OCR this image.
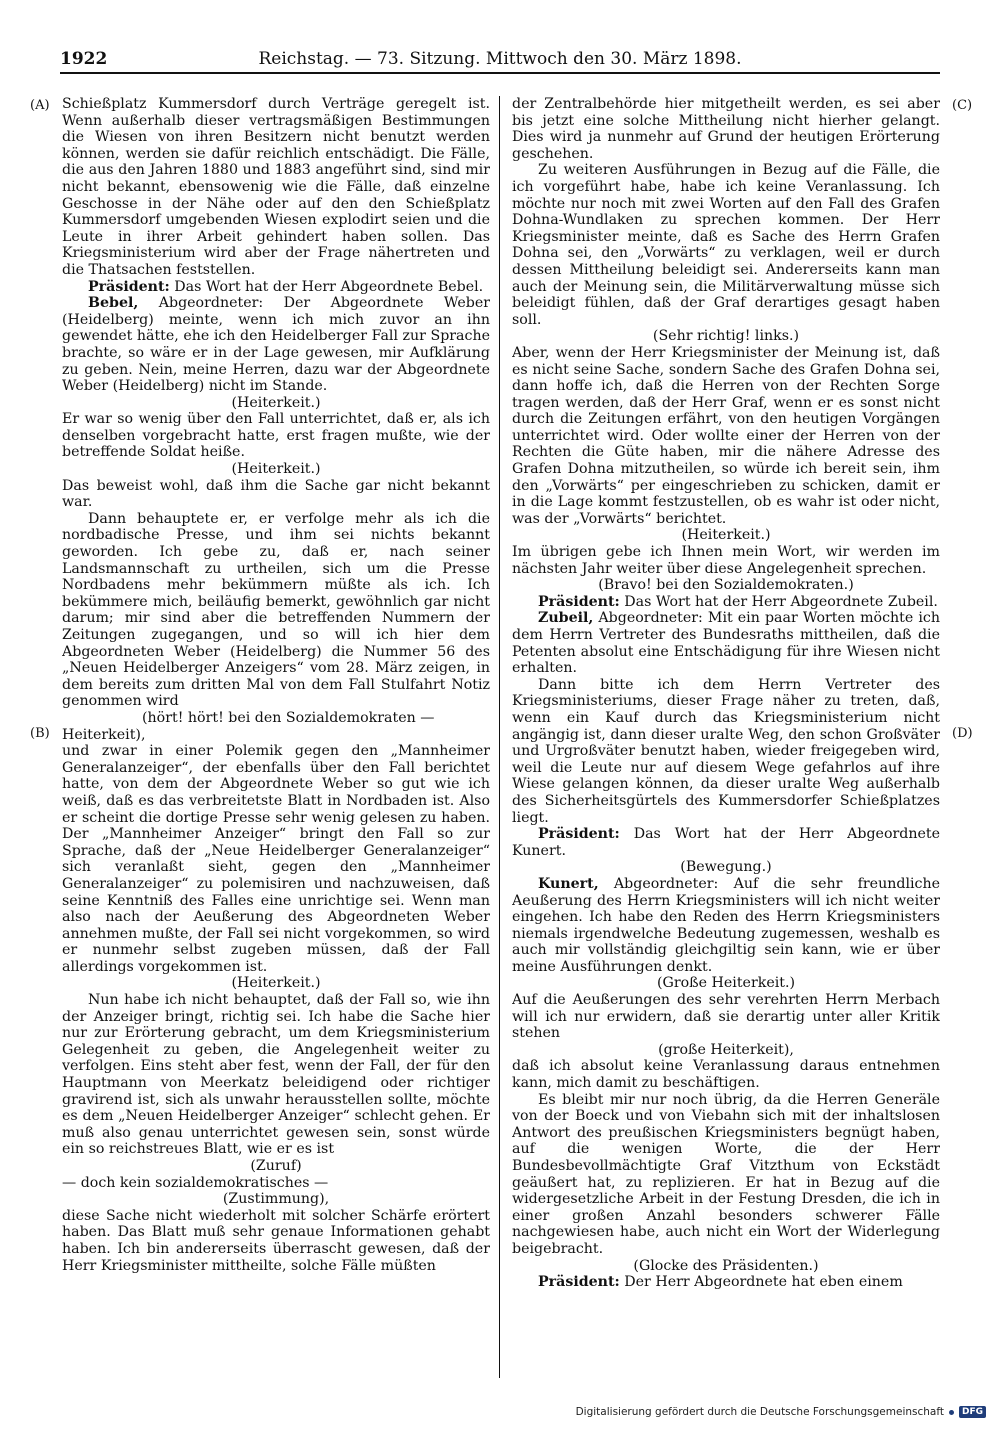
1922	Reichstag. — 73. Sitzung. Mittwoch den 30. März 1898.
(A)
(B)
(C)
(D)

Schießplatz Kummersdorf durch Verträge geregelt ist. Wenn außerhalb dieser vertragsmäßigen Bestimmungen die Wiesen von ihren Besitzern nicht benutzt werden können, werden sie dafür reichlich entschädigt. Die Fälle, die aus den Jahren 1880 und 1883 angeführt sind, sind mir nicht bekannt, ebensowenig wie die Fälle, daß einzelne Geschosse in der Nähe oder auf den den Schießplatz Kummersdorf umgebenden Wiesen explodirt seien und die Leute in ihrer Arbeit gehindert haben sollen. Das Kriegsministerium wird aber der Frage nähertreten und die Thatsachen feststellen.

Präsident: Das Wort hat der Herr Abgeordnete Bebel.

Bebel, Abgeordneter: Der Abgeordnete Weber (Heidelberg) meinte, wenn ich mich zuvor an ihn gewendet hätte, ehe ich den Heidelberger Fall zur Sprache brachte, so wäre er in der Lage gewesen, mir Aufklärung zu geben. Nein, meine Herren, dazu war der Abgeordnete Weber (Heidelberg) nicht im Stande.

(Heiterkeit.)

Er war so wenig über den Fall unterrichtet, daß er, als ich denselben vorgebracht hatte, erst fragen mußte, wie der betreffende Soldat heiße.

(Heiterkeit.)

Das beweist wohl, daß ihm die Sache gar nicht bekannt war.

Dann behauptete er, er verfolge mehr als ich die nordbadische Presse, und ihm sei nichts bekannt geworden. Ich gebe zu, daß er, nach seiner Landsmannschaft zu urtheilen, sich um die Presse Nordbadens mehr bekümmern müßte als ich. Ich bekümmere mich, beiläufig bemerkt, gewöhnlich gar nicht darum; mir sind aber die betreffenden Nummern der Zeitungen zugegangen, und so will ich hier dem Abgeordneten Weber (Heidelberg) die Nummer 56 des „Neuen Heidelberger Anzeigers“ vom 28. März zeigen, in dem bereits zum dritten Mal von dem Fall Stulfahrt Notiz genommen wird

(hört! hört! bei den Sozialdemokraten — Heiterkeit),

und zwar in einer Polemik gegen den „Mannheimer Generalanzeiger“, der ebenfalls über den Fall berichtet hatte, von dem der Abgeordnete Weber so gut wie ich weiß, daß es das verbreitetste Blatt in Nordbaden ist. Also er scheint die dortige Presse sehr wenig gelesen zu haben. Der „Mannheimer Anzeiger“ bringt den Fall so zur Sprache, daß der „Neue Heidelberger Generalanzeiger“ sich veranlaßt sieht, gegen den „Mannheimer Generalanzeiger“ zu polemisiren und nachzuweisen, daß seine Kenntniß des Falles eine unrichtige sei. Wenn man also nach der Aeußerung des Abgeordneten Weber annehmen mußte, der Fall sei nicht vorgekommen, so wird er nunmehr selbst zugeben müssen, daß der Fall allerdings vorgekommen ist.

(Heiterkeit.)

Nun habe ich nicht behauptet, daß der Fall so, wie ihn der Anzeiger bringt, richtig sei. Ich habe die Sache hier nur zur Erörterung gebracht, um dem Kriegsministerium Gelegenheit zu geben, die Angelegenheit weiter zu verfolgen. Eins steht aber fest, wenn der Fall, der für den Hauptmann von Meerkatz beleidigend oder richtiger gravirend ist, sich als unwahr herausstellen sollte, möchte es dem „Neuen Heidelberger Anzeiger“ schlecht gehen. Er muß also genau unterrichtet gewesen sein, sonst würde ein so reichstreues Blatt, wie er es ist

(Zuruf)

— doch kein sozialdemokratisches —

(Zustimmung),

diese Sache nicht wiederholt mit solcher Schärfe erörtert haben. Das Blatt muß sehr genaue Informationen gehabt haben. Ich bin andererseits überrascht gewesen, daß der Herr Kriegsminister mittheilte, solche Fälle müßten

der Zentralbehörde hier mitgetheilt werden, es sei aber bis jetzt eine solche Mittheilung nicht hierher gelangt. Dies wird ja nunmehr auf Grund der heutigen Erörterung geschehen.

Zu weiteren Ausführungen in Bezug auf die Fälle, die ich vorgeführt habe, habe ich keine Veranlassung. Ich möchte nur noch mit zwei Worten auf den Fall des Grafen Dohna-Wundlaken zu sprechen kommen. Der Herr Kriegsminister meinte, daß es Sache des Herrn Grafen Dohna sei, den „Vorwärts“ zu verklagen, weil er durch dessen Mittheilung beleidigt sei. Andererseits kann man auch der Meinung sein, die Militärverwaltung müsse sich beleidigt fühlen, daß der Graf derartiges gesagt haben soll.

(Sehr richtig! links.)

Aber, wenn der Herr Kriegsminister der Meinung ist, daß es nicht seine Sache, sondern Sache des Grafen Dohna sei, dann hoffe ich, daß die Herren von der Rechten Sorge tragen werden, daß der Herr Graf, wenn er es sonst nicht durch die Zeitungen erfährt, von den heutigen Vorgängen unterrichtet wird. Oder wollte einer der Herren von der Rechten die Güte haben, mir die nähere Adresse des Grafen Dohna mitzutheilen, so würde ich bereit sein, ihm den „Vorwärts“ per eingeschrieben zu schicken, damit er in die Lage kommt festzustellen, ob es wahr ist oder nicht, was der „Vorwärts“ berichtet.

(Heiterkeit.)

Im übrigen gebe ich Ihnen mein Wort, wir werden im nächsten Jahr weiter über diese Angelegenheit sprechen.

(Bravo! bei den Sozialdemokraten.)

Präsident: Das Wort hat der Herr Abgeordnete Zubeil.

Zubeil, Abgeordneter: Mit ein paar Worten möchte ich dem Herrn Vertreter des Bundesraths mittheilen, daß die Petenten absolut eine Entschädigung für ihre Wiesen nicht erhalten.

Dann bitte ich dem Herrn Vertreter des Kriegsministeriums, dieser Frage näher zu treten, daß, wenn ein Kauf durch das Kriegsministerium nicht angängig ist, dann dieser uralte Weg, den schon Großväter und Urgroßväter benutzt haben, wieder freigegeben wird, weil die Leute nur auf diesem Wege gefahrlos auf ihre Wiese gelangen können, da dieser uralte Weg außerhalb des Sicherheitsgürtels des Kummersdorfer Schießplatzes liegt.

Präsident: Das Wort hat der Herr Abgeordnete Kunert.

(Bewegung.)

Kunert, Abgeordneter: Auf die sehr freundliche Aeußerung des Herrn Kriegsministers will ich nicht weiter eingehen. Ich habe den Reden des Herrn Kriegsministers niemals irgendwelche Bedeutung zugemessen, weshalb es auch mir vollständig gleichgiltig sein kann, wie er über meine Ausführungen denkt.

(Große Heiterkeit.)

Auf die Aeußerungen des sehr verehrten Herrn Merbach will ich nur erwidern, daß sie derartig unter aller Kritik stehen

(große Heiterkeit),

daß ich absolut keine Veranlassung daraus entnehmen kann, mich damit zu beschäftigen.

Es bleibt mir nur noch übrig, da die Herren Generäle von der Boeck und von Viebahn sich mit der inhaltslosen Antwort des preußischen Kriegsministers begnügt haben, auf die wenigen Worte, die der Herr Bundesbevollmächtigte Graf Vitzthum von Eckstädt geäußert hat, zu replizieren. Er hat in Bezug auf die widergesetzliche Arbeit in der Festung Dresden, die ich in einer großen Anzahl besonders schwerer Fälle nachgewiesen habe, auch nicht ein Wort der Widerlegung beigebracht.

(Glocke des Präsidenten.)

Präsident: Der Herr Abgeordnete hat eben einem

Digitalisierung gefördert durch die Deutsche Forschungsgemeinschaft	DFG
